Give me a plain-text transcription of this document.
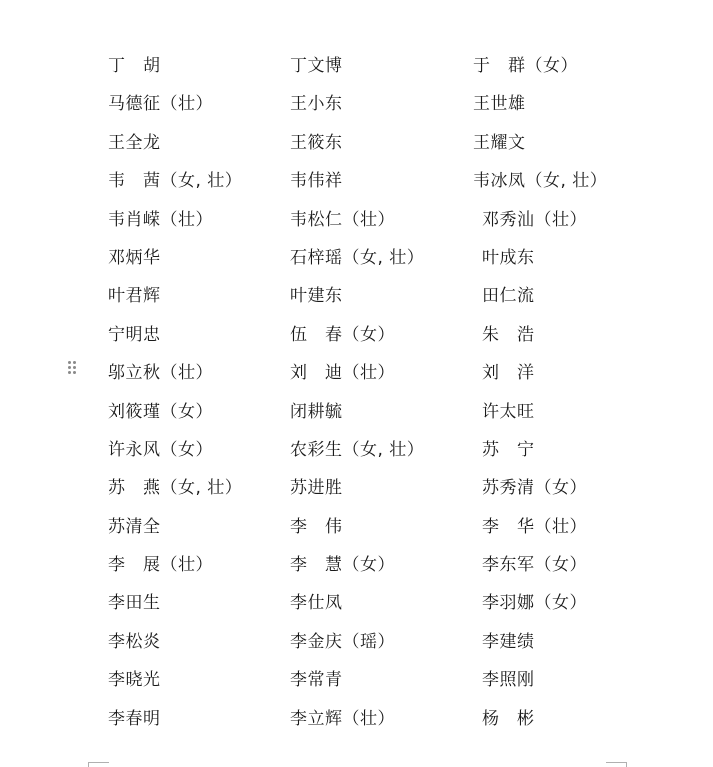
丁　胡	丁文博	于　群（女）
马德征（壮）	王小东	王世雄
王全龙	王筱东	王耀文
韦　茜（女, 壮）	韦伟祥	韦冰凤（女, 壮）
韦肖嵘（壮）	韦松仁（壮）	邓秀汕（壮）
邓炳华	石梓瑶（女, 壮）	叶成东
叶君辉	叶建东	田仁流
宁明忠	伍　春（女）	朱　浩
邬立秋（壮）	刘　迪（壮）	刘　洋
刘筱瑾（女）	闭耕毓	许太旺
许永风（女）	农彩生（女, 壮）	苏　宁
苏　燕（女, 壮）	苏进胜	苏秀清（女）
苏清全	李　伟	李　华（壮）
李　展（壮）	李　慧（女）	李东军（女）
李田生	李仕凤	李羽娜（女）
李松炎	李金庆（瑶）	李建绩
李晓光	李常青	李照刚
李春明	李立辉（壮）	杨　彬
